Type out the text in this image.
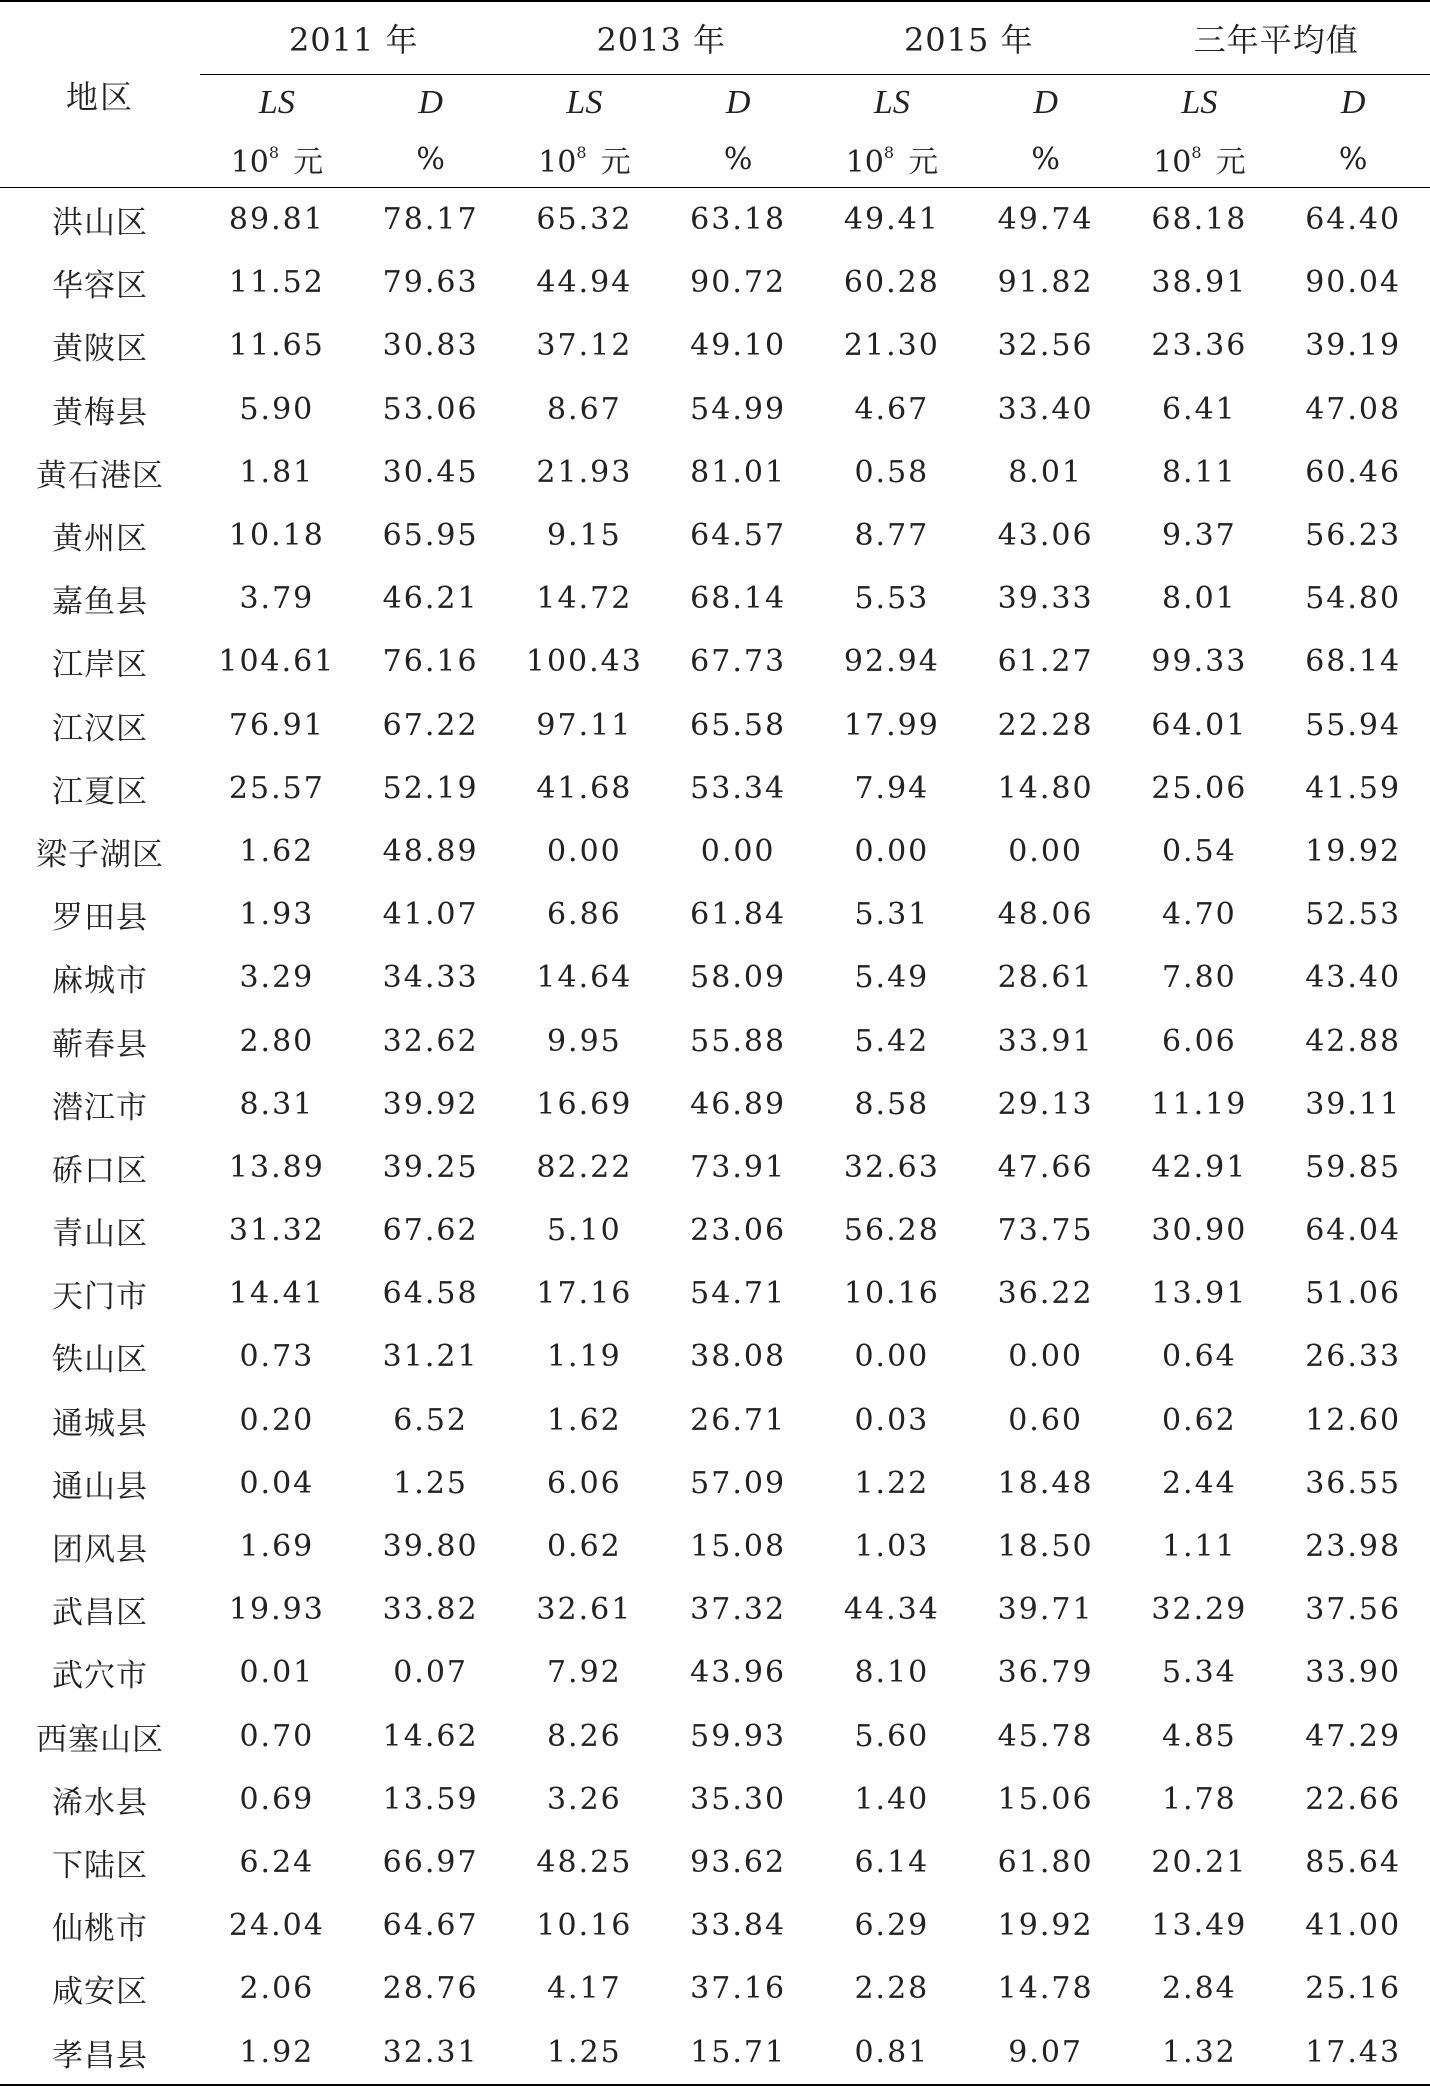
地区	2011 年		2013 年		2015 年		三年平均值	
	LS	D	LS	D	LS	D	LS	D
	$10^8$ 元	%	$10^8$ 元	%	$10^8$ 元	%	$10^8$ 元	%
洪山区	89.81	78.17	65.32	63.18	49.41	49.74	68.18	64.40
华容区	11.52	79.63	44.94	90.72	60.28	91.82	38.91	90.04
黄陂区	11.65	30.83	37.12	49.10	21.30	32.56	23.36	39.19
黄梅县	5.90	53.06	8.67	54.99	4.67	33.40	6.41	47.08
黄石港区	1.81	30.45	21.93	81.01	0.58	8.01	8.11	60.46
黄州区	10.18	65.95	9.15	64.57	8.77	43.06	9.37	56.23
嘉鱼县	3.79	46.21	14.72	68.14	5.53	39.33	8.01	54.80
江岸区	104.61	76.16	100.43	67.73	92.94	61.27	99.33	68.14
江汉区	76.91	67.22	97.11	65.58	17.99	22.28	64.01	55.94
江夏区	25.57	52.19	41.68	53.34	7.94	14.80	25.06	41.59
梁子湖区	1.62	48.89	0.00	0.00	0.00	0.00	0.54	19.92
罗田县	1.93	41.07	6.86	61.84	5.31	48.06	4.70	52.53
麻城市	3.29	34.33	14.64	58.09	5.49	28.61	7.80	43.40
蕲春县	2.80	32.62	9.95	55.88	5.42	33.91	6.06	42.88
潜江市	8.31	39.92	16.69	46.89	8.58	29.13	11.19	39.11
硚口区	13.89	39.25	82.22	73.91	32.63	47.66	42.91	59.85
青山区	31.32	67.62	5.10	23.06	56.28	73.75	30.90	64.04
天门市	14.41	64.58	17.16	54.71	10.16	36.22	13.91	51.06
铁山区	0.73	31.21	1.19	38.08	0.00	0.00	0.64	26.33
通城县	0.20	6.52	1.62	26.71	0.03	0.60	0.62	12.60
通山县	0.04	1.25	6.06	57.09	1.22	18.48	2.44	36.55
团风县	1.69	39.80	0.62	15.08	1.03	18.50	1.11	23.98
武昌区	19.93	33.82	32.61	37.32	44.34	39.71	32.29	37.56
武穴市	0.01	0.07	7.92	43.96	8.10	36.79	5.34	33.90
西塞山区	0.70	14.62	8.26	59.93	5.60	45.78	4.85	47.29
浠水县	0.69	13.59	3.26	35.30	1.40	15.06	1.78	22.66
下陆区	6.24	66.97	48.25	93.62	6.14	61.80	20.21	85.64
仙桃市	24.04	64.67	10.16	33.84	6.29	19.92	13.49	41.00
咸安区	2.06	28.76	4.17	37.16	2.28	14.78	2.84	25.16
孝昌县	1.92	32.31	1.25	15.71	0.81	9.07	1.32	17.43
